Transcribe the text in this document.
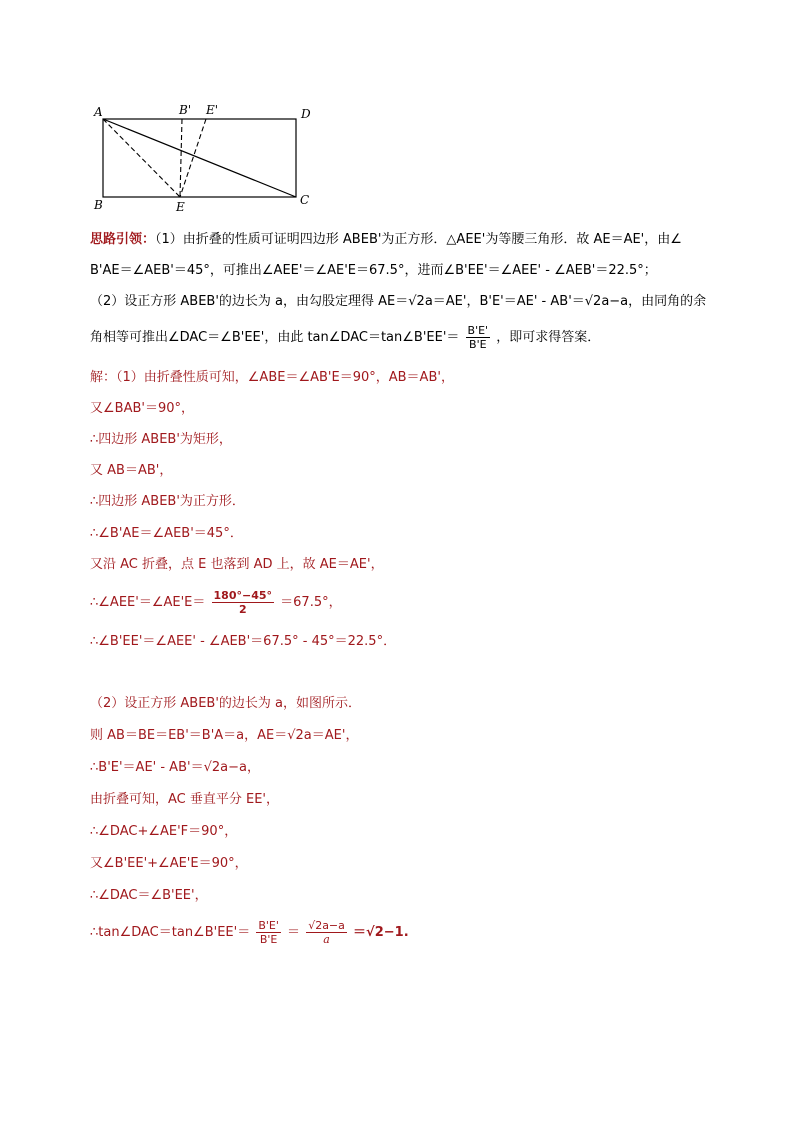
A	B' E'	D
B	E	C
思路引领：（1）由折叠的性质可证明四边形 ABEB'为正方形．△AEE'为等腰三角形．故 AE＝AE'，由∠
B'AE＝∠AEB'＝45°，可推出∠AEE'＝∠AE'E＝67.5°，进而∠B'EE'＝∠AEE' - ∠AEB'＝22.5°；
（2）设正方形 ABEB'的边长为 a，由勾股定理得 AE＝√2a＝AE'，B'E'＝AE' - AB'＝√2a−a，由同角的余
角相等可推出∠DAC＝∠B'EE'，由此 tan∠DAC＝tan∠B'EE'＝ $\frac{B'E'}{B'E}$ ，即可求得答案．
解：（1）由折叠性质可知，∠ABE＝∠AB'E＝90°，AB＝AB'，
又∠BAB'＝90°，
∴四边形 ABEB'为矩形，
又 AB＝AB'，
∴四边形 ABEB'为正方形．
∴∠B'AE＝∠AEB'＝45°．
又沿 AC 折叠，点 E 也落到 AD 上，故 AE＝AE'，
∴∠AEE'＝∠AE'E＝ $\frac{180^\circ-45^\circ}{2} =67.5^\circ$，
∴∠B'EE'＝∠AEE' - ∠AEB'＝67.5° - 45°＝22.5°．
（2）设正方形 ABEB'的边长为 a，如图所示．
则 AB＝BE＝EB'＝B'A＝a，AE＝√2a＝AE'，
∴B'E'＝AE' - AB'＝√2a−a，
由折叠可知，AC 垂直平分 EE'，
∴∠DAC+∠AE'F＝90°，
又∠B'EE'+∠AE'E＝90°，
∴∠DAC＝∠B'EE'，
∴tan∠DAC＝tan∠B'EE'＝ $\frac{B'E'}{B'E} = \frac{√2a-a}{a} =√2-1$.
